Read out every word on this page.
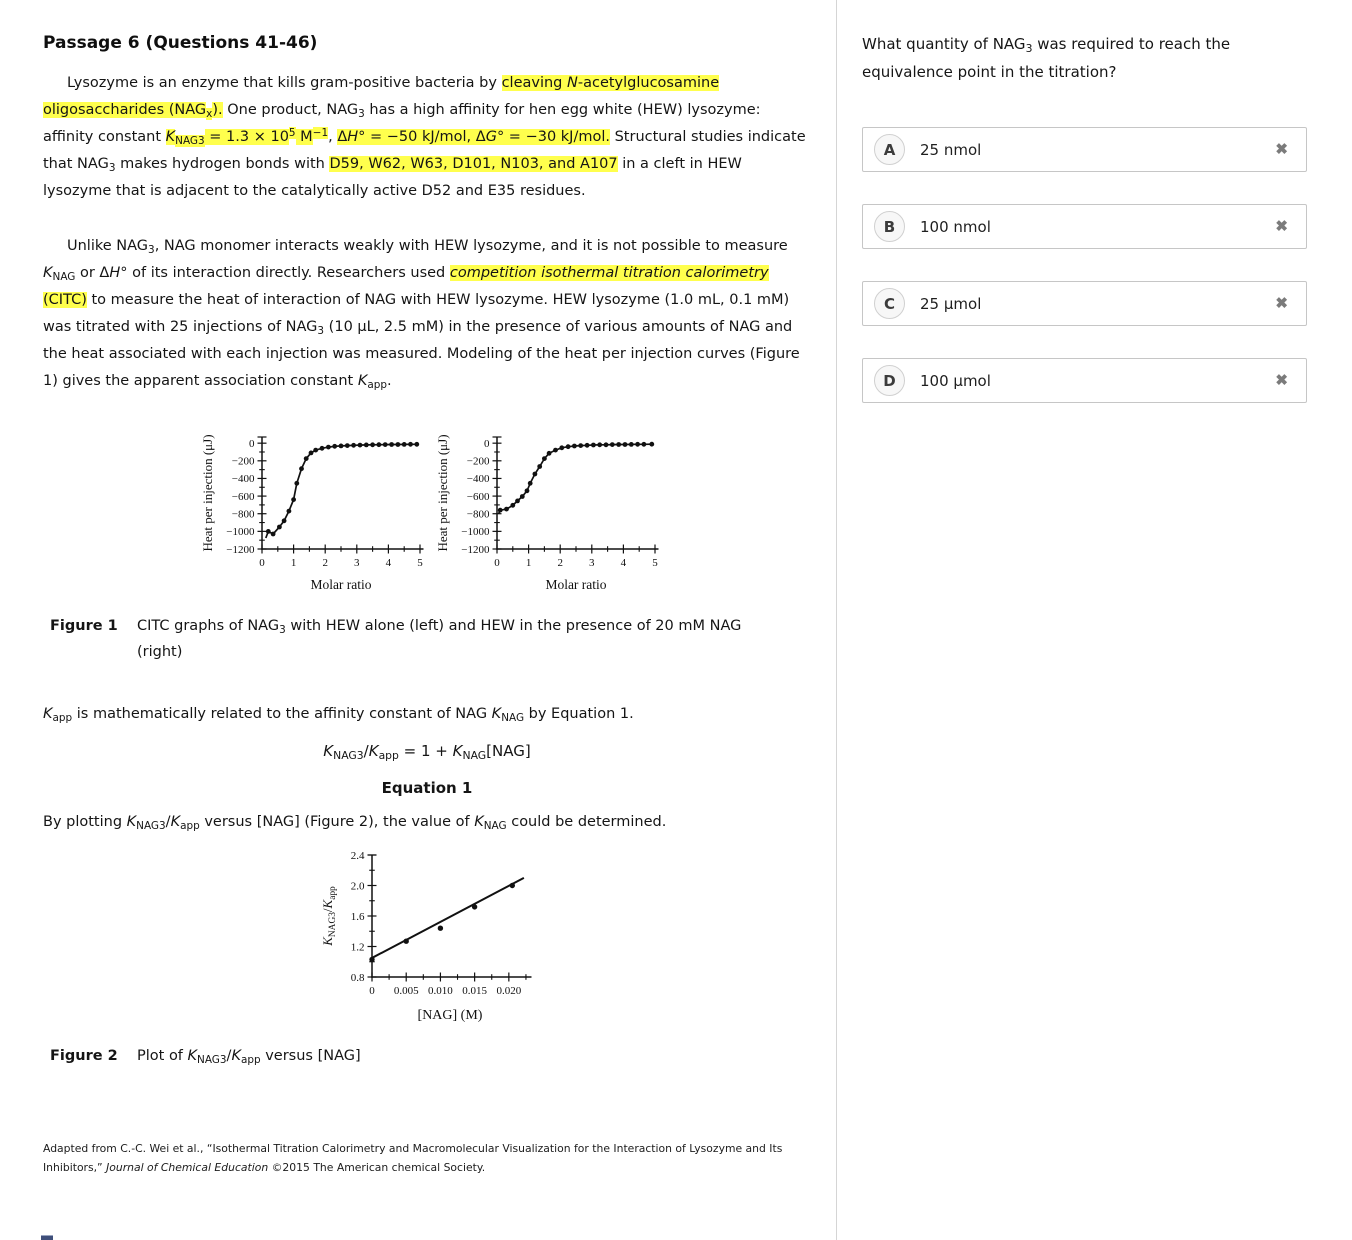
Passage 6 (Questions 41-46)

Lysozyme is an enzyme that kills gram-positive bacteria by cleaving N-acetylglucosamine oligosaccharides $(NAG_x)$. One product, $NAG_3$ has a high affinity for hen egg white (HEW) lysozyme: affinity constant $K_{NAG3} = 1.3 \times 10^5$ $M^{-1}$, ΔH° = −50 kJ/mol, ΔG° = −30 kJ/mol. Structural studies indicate that $NAG_3$ makes hydrogen bonds with D59, W62, W63, D101, N103, and A107 in a cleft in HEW lysozyme that is adjacent to the catalytically active D52 and E35 residues.

Unlike $NAG_3$, NAG monomer interacts weakly with HEW lysozyme, and it is not possible to measure $K_{NAG}$ or ΔH° of its interaction directly. Researchers used competition isothermal titration calorimetry (CITC) to measure the heat of interaction of NAG with HEW lysozyme. HEW lysozyme (1.0 mL, 0.1 mM) was titrated with 25 injections of $NAG_3$ (10 μL, 2.5 mM) in the presence of various amounts of NAG and the heat associated with each injection was measured. Modeling of the heat per injection curves (Figure 1) gives the apparent association constant $K_{app}$.

0 1 2 3 4 5
0
−200
−400
−600
−800
−1000
−1200
Molar ratio
Heat per injection (μJ)
0 1 2 3 4 5
0
−200
−400
−600
−800
−1000
−1200
Molar ratio
Heat per injection (μJ)
Figure 1	CITC graphs of $NAG_3$ with HEW alone (left) and HEW in the presence of 20 mM NAG (right)

$K_{app}$ is mathematically related to the affinity constant of NAG $K_{NAG}$ by Equation 1.

$K_{NAG3}/K_{app} = 1 + K_{NAG}[NAG]$

Equation 1

By plotting $K_{NAG3}/K_{app}$ versus [NAG] (Figure 2), the value of $K_{NAG}$ could be determined.

0 0.005 0.010 0.015 0.020
0.8
1.2
1.6
2.0
2.4
[NAG] (M)
$K_{NAG3}/K_{app}$
Figure 2	Plot of $K_{NAG3}/K_{app}$ versus [NAG]

Adapted from C.-C. Wei et al., “Isothermal Titration Calorimetry and Macromolecular Visualization for the Interaction of Lysozyme and Its Inhibitors,” Journal of Chemical Education ©2015 The American chemical Society.

What quantity of $NAG_3$ was required to reach the equivalence point in the titration?
A	25 nmol	✖
B	100 nmol	✖
C	25 μmol	✖
D	100 μmol	✖
